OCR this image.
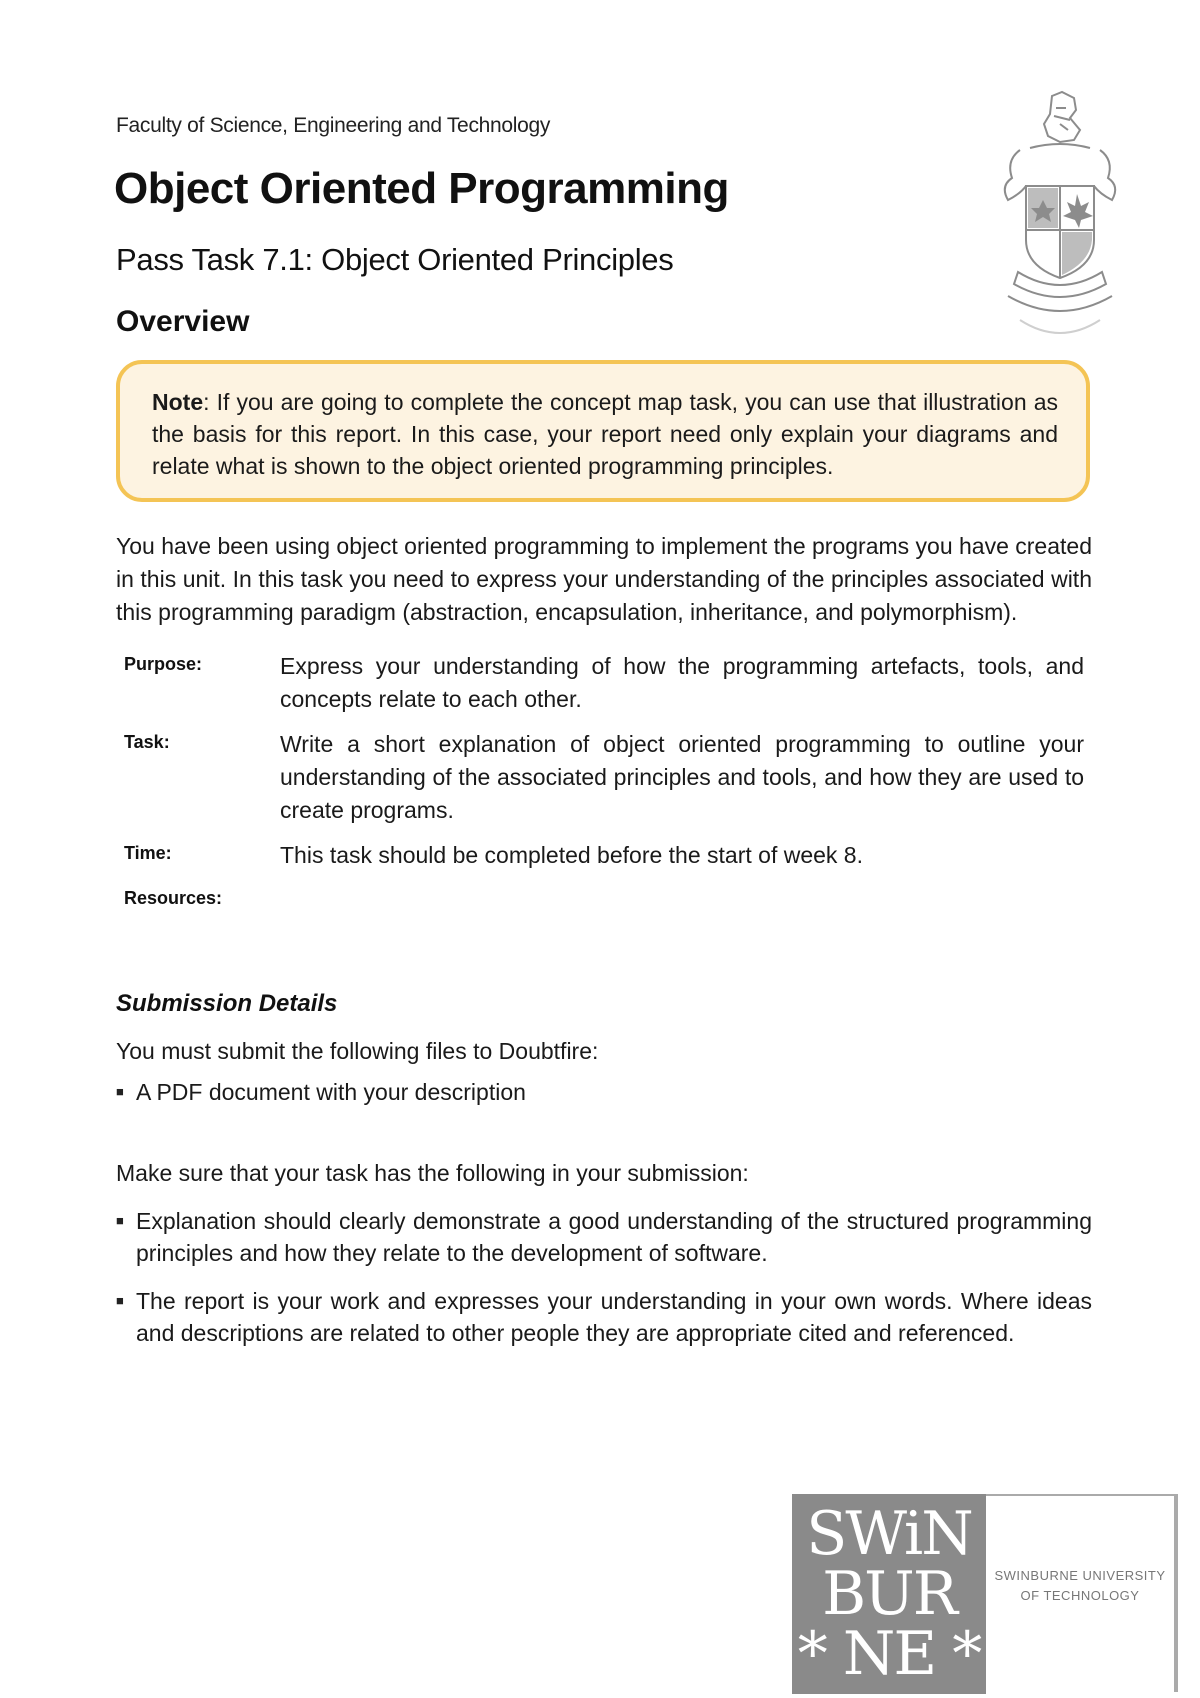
Faculty of Science, Engineering and Technology
Object Oriented Programming
Pass Task 7.1: Object Oriented Principles
Overview
Note: If you are going to complete the concept map task, you can use that illustration as the basis for this report. In this case, your report need only explain your diagrams and relate what is shown to the object oriented programming principles.

You have been using object oriented programming to implement the programs you have created in this unit. In this task you need to express your understanding of the principles associated with this programming paradigm (abstraction, encapsulation, inheritance, and polymorphism).

Purpose:	Express your understanding of how the programming artefacts, tools, and concepts relate to each other.
Task:	Write a short explanation of object oriented programming to outline your understanding of the associated principles and tools, and how they are used to create programs.
Time:	This task should be completed before the start of week 8.
Resources:
Submission Details

You must submit the following files to Doubtfire:

■ A PDF document with your description

Make sure that your task has the following in your submission:

■ Explanation should clearly demonstrate a good understanding of the structured programming principles and how they relate to the development of software.
■ The report is your work and expresses your understanding in your own words. Where ideas and descriptions are related to other people they are appropriate cited and referenced.
SWiN
BUR
* NE *
SWINBURNE UNIVERSITY
OF TECHNOLOGY
